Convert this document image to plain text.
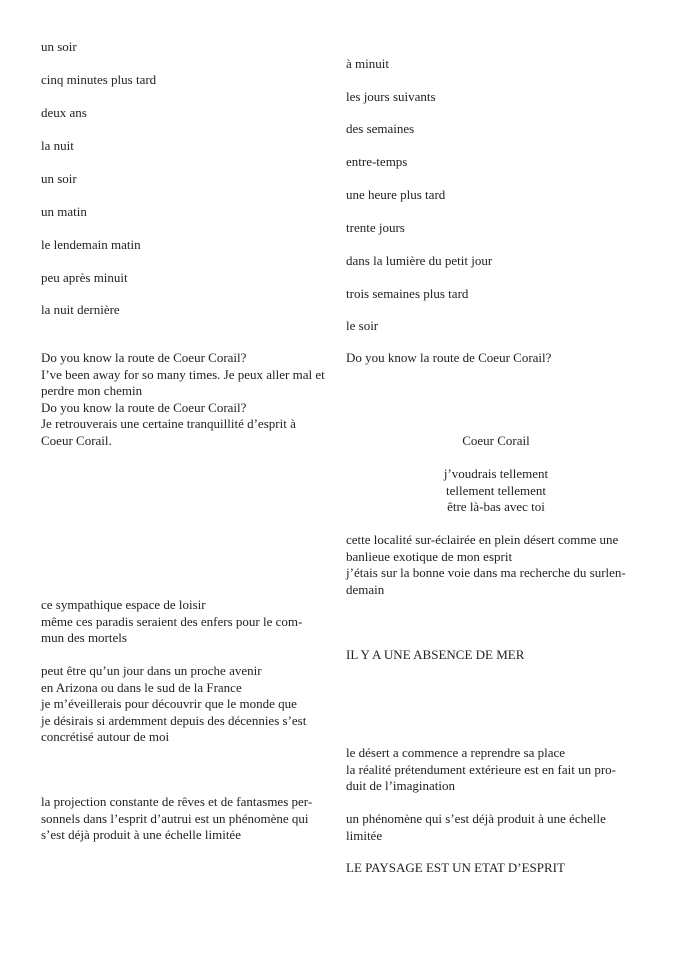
un soir
cinq minutes plus tard
deux ans
la nuit
un soir
un matin
le lendemain matin
peu après minuit
la nuit dernière
Do you know la route de Coeur Corail?
I’ve been away for so many times. Je peux aller mal et
perdre mon chemin
Do you know la route de Coeur Corail?
Je retrouverais une certaine tranquillité d’esprit à
Coeur Corail.
ce sympathique espace de loisir
même ces paradis seraient des enfers pour le com-
mun des mortels
peut être qu’un jour dans un proche avenir
en Arizona ou dans le sud de la France
je m’éveillerais pour découvrir que le monde que
je désirais si ardemment depuis des décennies s’est
concrétisé autour de moi
la projection constante de rêves et de fantasmes per-
sonnels dans l’esprit d’autrui est un phénomène qui
s’est déjà produit à une échelle limitée
à minuit
les jours suivants
des semaines
entre-temps
une heure plus tard
trente jours
dans la lumière du petit jour
trois semaines plus tard
le soir
Do you know la route de Coeur Corail?
Coeur Corail
j’voudrais tellement
tellement tellement
être là-bas avec toi
cette localité sur-éclairée en plein désert comme une
banlieue exotique de mon esprit
j’étais sur la bonne voie dans ma recherche du surlen-
demain
IL Y A UNE ABSENCE DE MER
le désert a commence a reprendre sa place
la réalité prétendument extérieure est en fait un pro-
duit de l’imagination
un phénomène qui s’est déjà produit à une échelle
limitée
LE PAYSAGE EST UN ETAT D’ESPRIT
